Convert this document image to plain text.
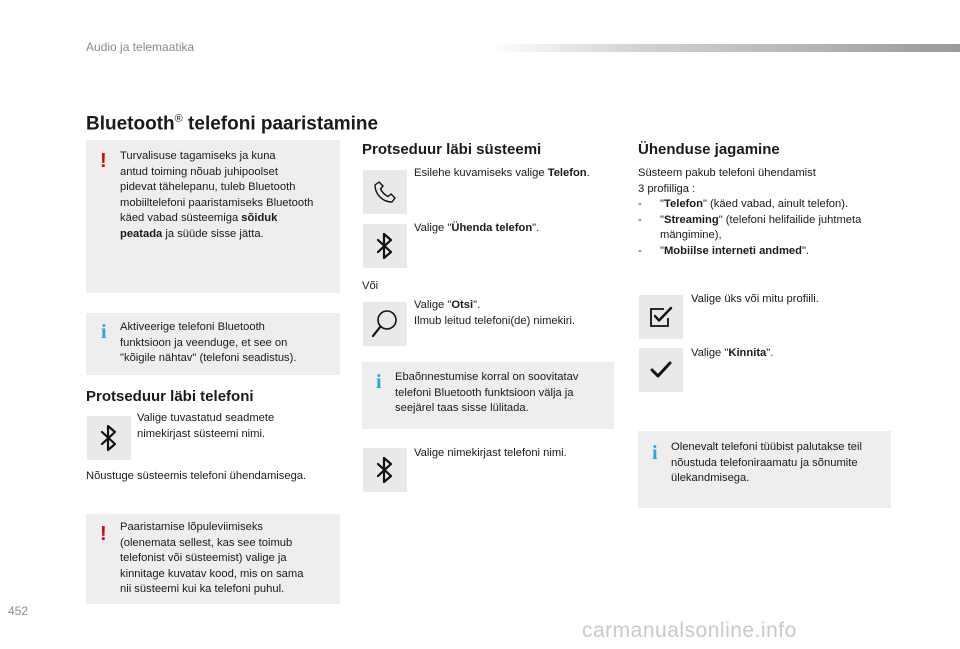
Audio ja telemaatika
Bluetooth® telefoni paaristamine
! Turvalisuse tagamiseks ja kuna
antud toiming nõuab juhipoolset
pidevat tähelepanu, tuleb Bluetooth
mobiiltelefoni paaristamiseks Bluetooth
käed vabad süsteemiga sõiduk
peatada ja süüde sisse jätta.
i Aktiveerige telefoni Bluetooth
funktsioon ja veenduge, et see on
"kõigile nähtav" (telefoni seadistus).
Protseduur läbi telefoni
Valige tuvastatud seadmete
nimekirjast süsteemi nimi.
Nõustuge süsteemis telefoni ühendamisega.
! Paaristamise lõpuleviimiseks
(olenemata sellest, kas see toimub
telefonist või süsteemist) valige ja
kinnitage kuvatav kood, mis on sama
nii süsteemi kui ka telefoni puhul.
Protseduur läbi süsteemi
Esilehe kuvamiseks valige Telefon.
Valige "Ühenda telefon".
Või
Valige "Otsi".
Ilmub leitud telefoni(de) nimekiri.
i Ebaõnnestumise korral on soovitatav
telefoni Bluetooth funktsioon välja ja
seejärel taas sisse lülitada.
Valige nimekirjast telefoni nimi.
Ühenduse jagamine
Süsteem pakub telefoni ühendamist
3 profiiliga :
- "Telefon" (käed vabad, ainult telefon).
- "Streaming" (telefoni helifailide juhtmeta
mängimine),
- "Mobiilse interneti andmed".
Valige üks või mitu profiili.
Valige "Kinnita".
i Olenevalt telefoni tüübist palutakse teil
nõustuda telefoniraamatu ja sõnumite
ülekandmisega.
452
carmanualsonline.info
